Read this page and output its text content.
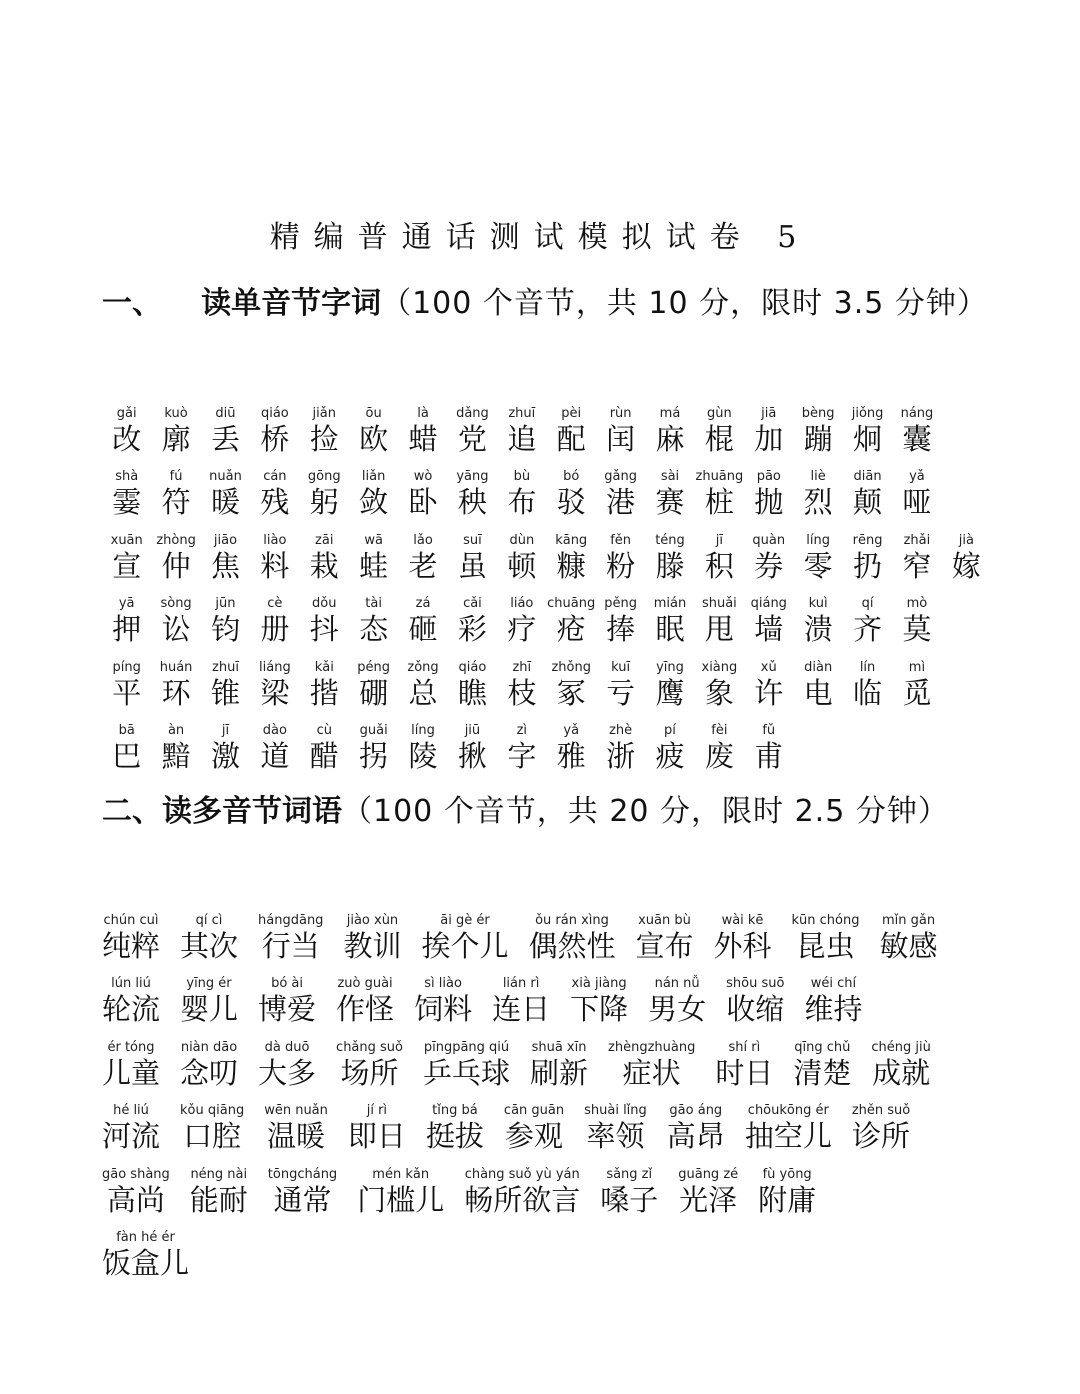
精编普通话测试模拟试卷 5
一、 读单音节字词（100 个音节，共 10 分，限时 3.5 分钟）
gǎi
改
kuò
廓
diū
丢
qiáo
桥
jiǎn
捡
ōu
欧
là
蜡
dǎng
党
zhuī
追
pèi
配
rùn
闰
má
麻
gùn
棍
jiā
加
bèng
蹦
jiǒng
炯
náng
囊
shà
霎
fú
符
nuǎn
暖
cán
残
gōng
躬
liǎn
敛
wò
卧
yāng
秧
bù
布
bó
驳
gǎng
港
sài
赛
zhuāng
桩
pāo
抛
liè
烈
diān
颠
yǎ
哑
xuān
宣
zhòng
仲
jiāo
焦
liào
料
zāi
栽
wā
蛙
lǎo
老
suī
虽
dùn
顿
kāng
糠
fěn
粉
téng
滕
jī
积
quàn
券
líng
零
rēng
扔
zhǎi
窄
jià
嫁
yā
押
sòng
讼
jūn
钧
cè
册
dǒu
抖
tài
态
zá
砸
cǎi
彩
liáo
疗
chuāng
疮
pěng
捧
mián
眠
shuǎi
甩
qiáng
墙
kuì
溃
qí
齐
mò
莫
píng
平
huán
环
zhuī
锥
liáng
梁
kǎi
揩
péng
硼
zǒng
总
qiáo
瞧
zhī
枝
zhǒng
冢
kuī
亏
yīng
鹰
xiàng
象
xǔ
许
diàn
电
lín
临
mì
觅
bā
巴
àn
黯
jī
激
dào
道
cù
醋
guǎi
拐
líng
陵
jiū
揪
zì
字
yǎ
雅
zhè
浙
pí
疲
fèi
废
fǔ
甫
二、读多音节词语（100 个音节，共 20 分，限时 2.5 分钟）
chún cuì
纯粹
qí cì
其次
hángdāng
行当
jiào xùn
教训
āi gè ér
挨个儿
ǒu rán xìng
偶然性
xuān bù
宣布
wài kē
外科
kūn chóng
昆虫
mǐn gǎn
敏感
lún liú
轮流
yīng ér
婴儿
bó ài
博爱
zuò guài
作怪
sì liào
饲料
lián rì
连日
xià jiàng
下降
nán nǚ
男女
shōu suō
收缩
wéi chí
维持
ér tóng
儿童
niàn dāo
念叨
dà duō
大多
chǎng suǒ
场所
pīngpāng qiú
乒乓球
shuā xīn
刷新
zhèngzhuàng
症状
shí rì
时日
qīng chǔ
清楚
chéng jiù
成就
hé liú
河流
kǒu qiāng
口腔
wēn nuǎn
温暖
jí rì
即日
tǐng bá
挺拔
cān guān
参观
shuài lǐng
率领
gāo áng
高昂
chōukōng ér
抽空儿
zhěn suǒ
诊所
gāo shàng
高尚
néng nài
能耐
tōngcháng
通常
mén kǎn
门槛儿
chàng suǒ yù yán
畅所欲言
sǎng zǐ
嗓子
guāng zé
光泽
fù yōng
附庸
fàn hé ér
饭盒儿
